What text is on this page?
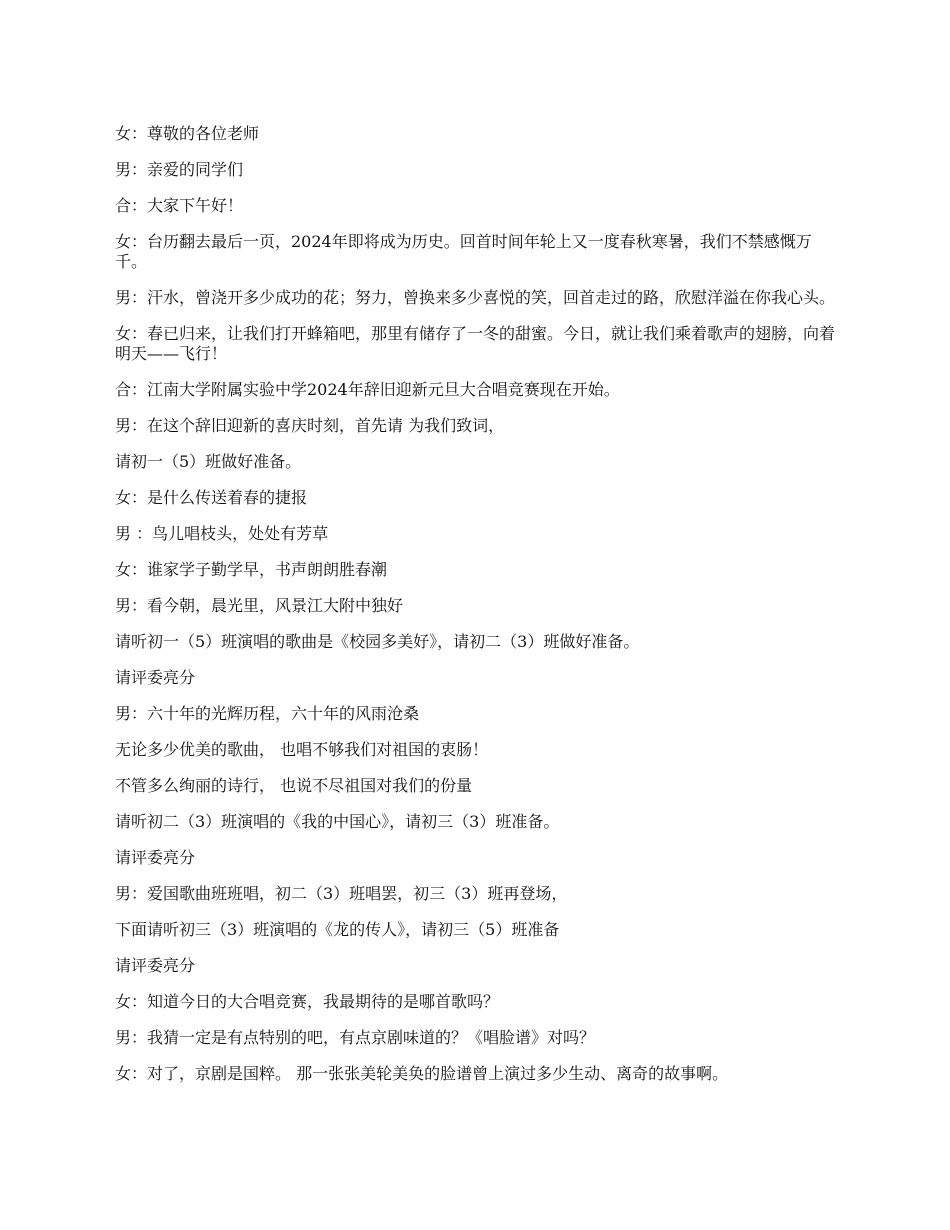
女：尊敬的各位老师

男：亲爱的同学们

合：大家下午好！

女：台历翻去最后一页，2024年即将成为历史。回首时间年轮上又一度春秋寒暑，我们不禁感慨万千。

男：汗水，曾浇开多少成功的花；努力，曾换来多少喜悦的笑，回首走过的路，欣慰洋溢在你我心头。

女：春已归来，让我们打开蜂箱吧，那里有储存了一冬的甜蜜。今日，就让我们乘着歌声的翅膀，向着明天——飞行！

合：江南大学附属实验中学2024年辞旧迎新元旦大合唱竞赛现在开始。

男：在这个辞旧迎新的喜庆时刻，首先请 为我们致词，

请初一（5）班做好准备。

女：是什么传送着春的捷报

男 ：鸟儿唱枝头，处处有芳草

女：谁家学子勤学早，书声朗朗胜春潮

男：看今朝，晨光里，风景江大附中独好

请听初一（5）班演唱的歌曲是《校园多美好》，请初二（3）班做好准备。

请评委亮分

男：六十年的光辉历程，六十年的风雨沧桑

无论多少优美的歌曲， 也唱不够我们对祖国的衷肠！

不管多么绚丽的诗行， 也说不尽祖国对我们的份量

请听初二（3）班演唱的《我的中国心》，请初三（3）班准备。

请评委亮分

男：爱国歌曲班班唱，初二（3）班唱罢，初三（3）班再登场，

下面请听初三（3）班演唱的《龙的传人》，请初三（5）班准备

请评委亮分

女：知道今日的大合唱竞赛，我最期待的是哪首歌吗？

男：我猜一定是有点特别的吧，有点京剧味道的？《唱脸谱》对吗？

女：对了，京剧是国粹。 那一张张美轮美奂的脸谱曾上演过多少生动、离奇的故事啊。
